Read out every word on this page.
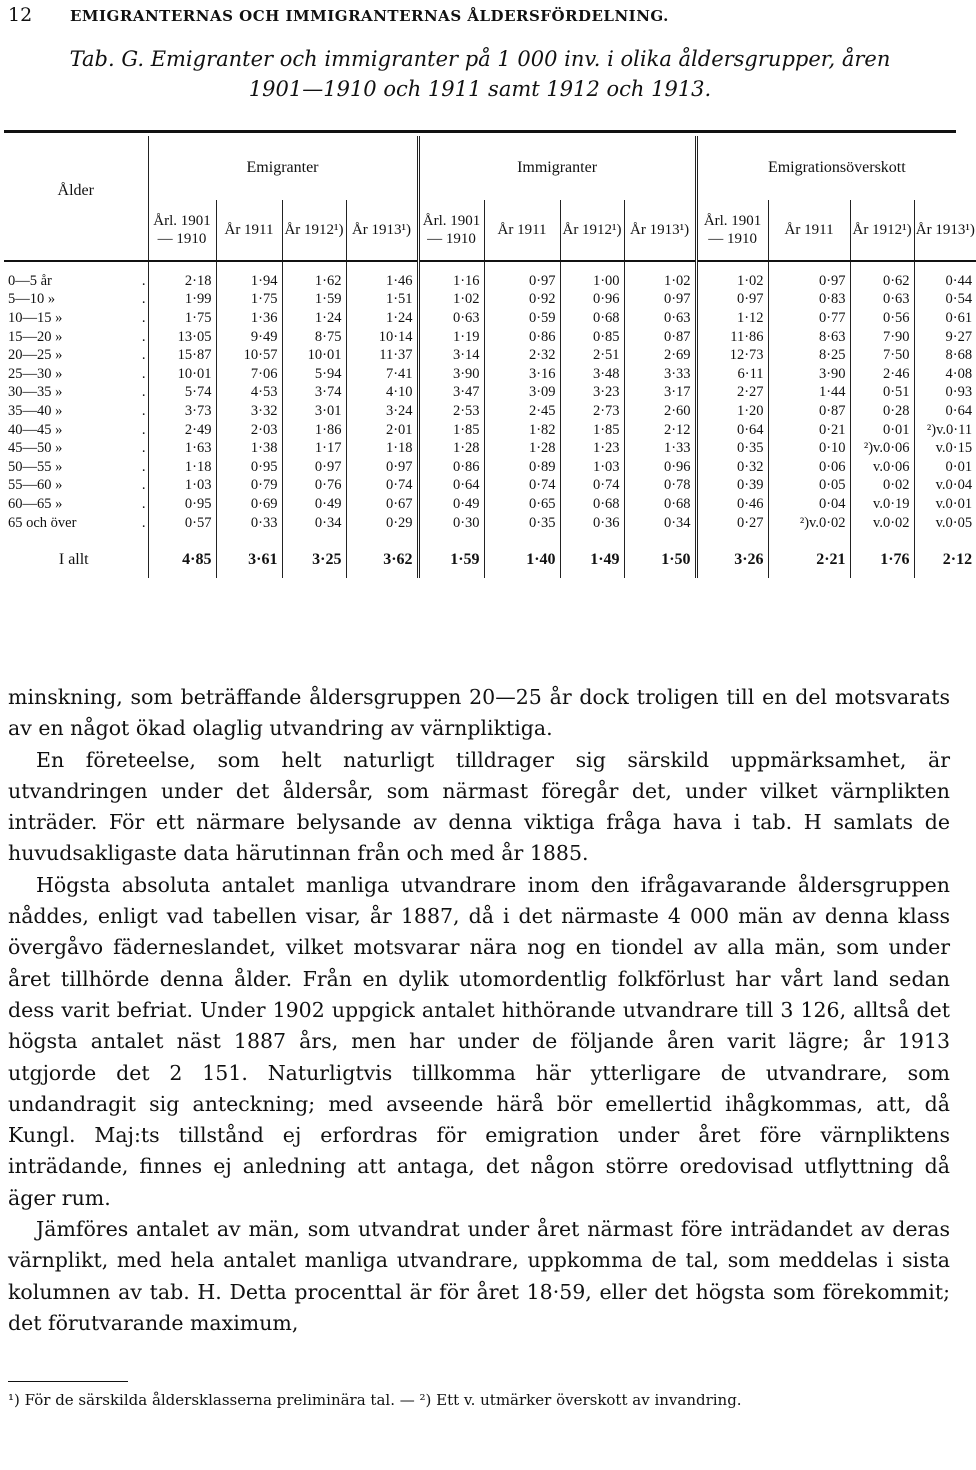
12	EMIGRANTERNAS OCH IMMIGRANTERNAS ÅLDERSFÖRDELNING.
Tab. G. Emigranter och immigranter på 1 000 inv. i olika åldersgrupper, åren
1901—1910 och 1911 samt 1912 och 1913.
Ålder	Emigranter				Immigranter				Emigrationsöverskott			
	Årl. 1901— 1910	År 1911	År 1912¹)	År 1913¹)	Årl. 1901— 1910	År 1911	År 1912¹)	År 1913¹)	Årl. 1901— 1910	År 1911	År 1912¹)	År 1913¹)

0—5 år .	2·18	1·94	1·62	1·46	1·16	0·97	1·00	1·02	1·02	0·97	0·62	0·44
5—10 » .	1·99	1·75	1·59	1·51	1·02	0·92	0·96	0·97	0·97	0·83	0·63	0·54
10—15 » .	1·75	1·36	1·24	1·24	0·63	0·59	0·68	0·63	1·12	0·77	0·56	0·61
15—20 » .	13·05	9·49	8·75	10·14	1·19	0·86	0·85	0·87	11·86	8·63	7·90	9·27
20—25 » .	15·87	10·57	10·01	11·37	3·14	2·32	2·51	2·69	12·73	8·25	7·50	8·68
25—30 » .	10·01	7·06	5·94	7·41	3·90	3·16	3·48	3·33	6·11	3·90	2·46	4·08
30—35 » .	5·74	4·53	3·74	4·10	3·47	3·09	3·23	3·17	2·27	1·44	0·51	0·93
35—40 » .	3·73	3·32	3·01	3·24	2·53	2·45	2·73	2·60	1·20	0·87	0·28	0·64
40—45 » .	2·49	2·03	1·86	2·01	1·85	1·82	1·85	2·12	0·64	0·21	0·01	²)v.0·11
45—50 » .	1·63	1·38	1·17	1·18	1·28	1·28	1·23	1·33	0·35	0·10	²)v.0·06	v.0·15
50—55 » .	1·18	0·95	0·97	0·97	0·86	0·89	1·03	0·96	0·32	0·06	v.0·06	0·01
55—60 » .	1·03	0·79	0·76	0·74	0·64	0·74	0·74	0·78	0·39	0·05	0·02	v.0·04
60—65 » .	0·95	0·69	0·49	0·67	0·49	0·65	0·68	0·68	0·46	0·04	v.0·19	v.0·01
65 och över .	0·57	0·33	0·34	0·29	0·30	0·35	0·36	0·34	0·27	²)v.0·02	v.0·02	v.0·05

I allt	4·85	3·61	3·25	3·62	1·59	1·40	1·49	1·50	3·26	2·21	1·76	2·12

minskning, som beträffande åldersgruppen 20—25 år dock troligen till en del motsvarats av en något ökad olaglig utvandring av värnpliktiga.

En företeelse, som helt naturligt tilldrager sig särskild uppmärksamhet, är utvandringen under det åldersår, som närmast föregår det, under vilket värnplikten inträder. För ett närmare belysande av denna viktiga fråga hava i tab. H samlats de huvudsakligaste data härutinnan från och med år 1885.

Högsta absoluta antalet manliga utvandrare inom den ifrågavarande åldersgruppen nåddes, enligt vad tabellen visar, år 1887, då i det närmaste 4 000 män av denna klass övergåvo fäderneslandet, vilket motsvarar nära nog en tiondel av alla män, som under året tillhörde denna ålder. Från en dylik utomordentlig folkförlust har vårt land sedan dess varit befriat. Under 1902 uppgick antalet hithörande utvandrare till 3 126, alltså det högsta antalet näst 1887 års, men har under de följande åren varit lägre; år 1913 utgjorde det 2 151. Naturligtvis tillkomma här ytterligare de utvandrare, som undandragit sig anteckning; med avseende härå bör emellertid ihågkommas, att, då Kungl. Maj:ts tillstånd ej erfordras för emigration under året före värnpliktens inträdande, finnes ej anledning att antaga, det någon större oredovisad utflyttning då äger rum.

Jämföres antalet av män, som utvandrat under året närmast före inträdandet av deras värnplikt, med hela antalet manliga utvandrare, uppkomma de tal, som meddelas i sista kolumnen av tab. H. Detta procenttal är för året 18·59, eller det högsta som förekommit; det förutvarande maximum,

¹) För de särskilda åldersklasserna preliminära tal. — ²) Ett v. utmärker överskott av invandring.
